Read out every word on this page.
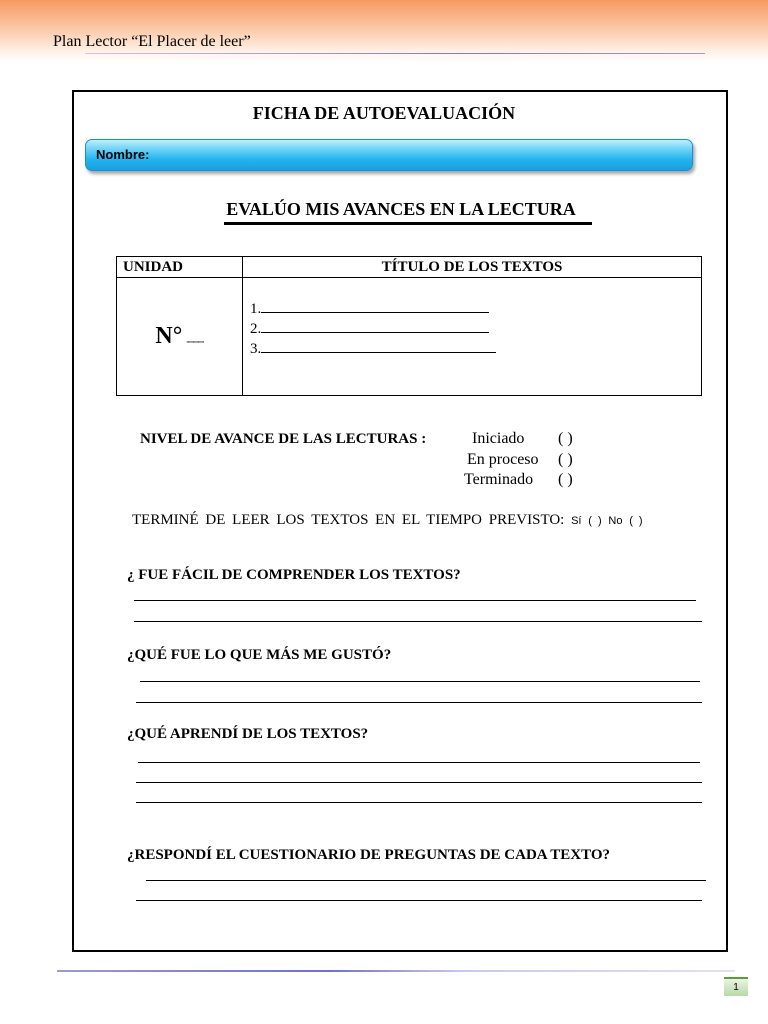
Plan Lector “El Placer de leer”
FICHA DE AUTOEVALUACIÓN
Nombre:
EVALÚO MIS AVANCES EN LA LECTURA
UNIDAD	TÍTULO DE LOS TEXTOS
N° ..............	1.
2.
3.
NIVEL DE AVANCE DE LAS LECTURAS :	Iniciado ( )
En proceso ( )
Terminado ( )
TERMINÉ DE LEER LOS TEXTOS EN EL TIEMPO PREVISTO: Sí ( ) No ( )
¿ FUE FÁCIL DE COMPRENDER LOS TEXTOS?
¿QUÉ FUE LO QUE MÁS ME GUSTÓ?
¿QUÉ APRENDÍ DE LOS TEXTOS?
¿RESPONDÍ EL CUESTIONARIO DE PREGUNTAS DE CADA TEXTO?
1
